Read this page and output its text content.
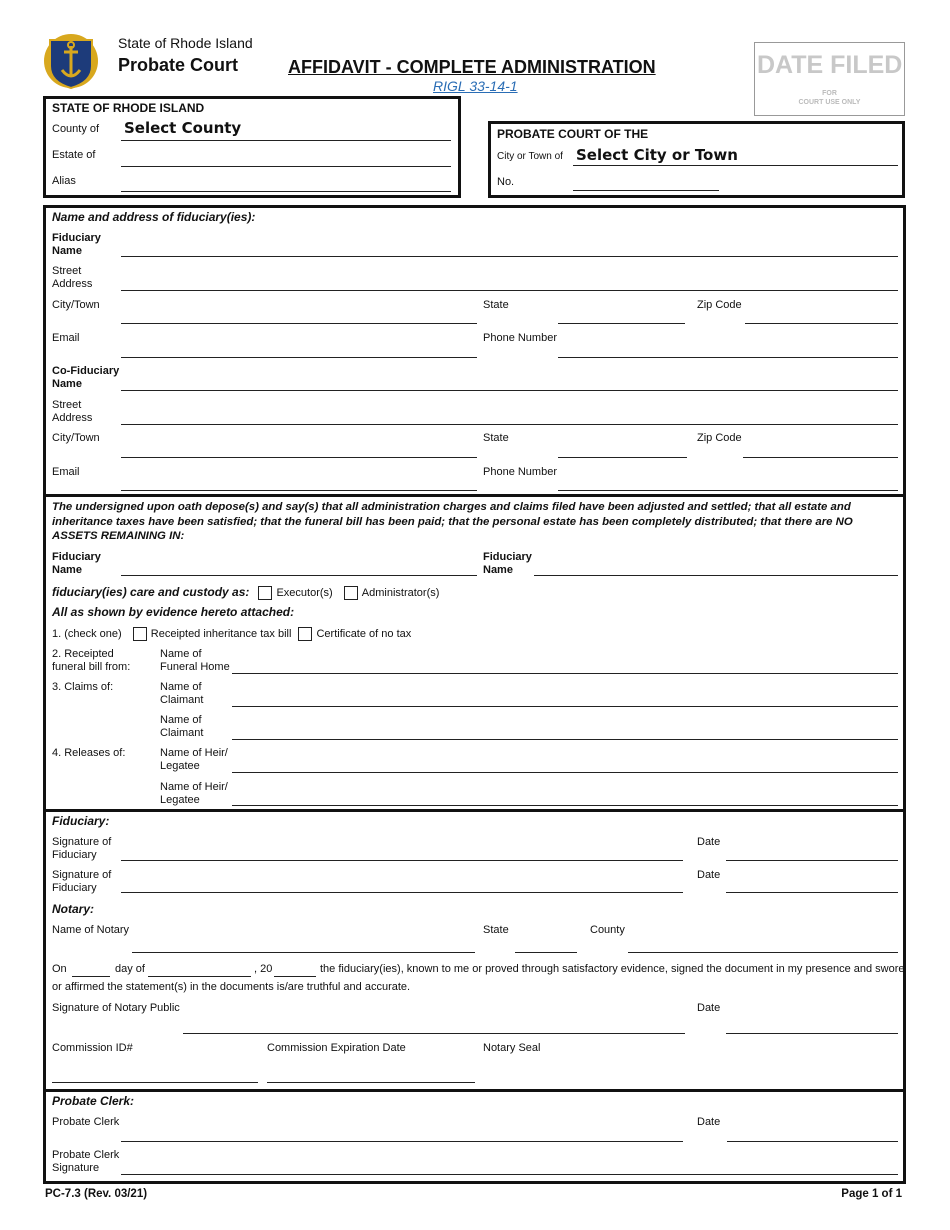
State of Rhode Island
Probate Court	AFFIDAVIT - COMPLETE ADMINISTRATION
RIGL 33-14-1
DATE FILED
FOR
COURT USE ONLY
STATE OF RHODE ISLAND
County of Select County
Estate of
Alias
PROBATE COURT OF THE
City or Town of Select City or Town
No.
Name and address of fiduciary(ies):
Fiduciary
Name
Street
Address
City/Town	State	Zip Code
Email	Phone Number
Co-Fiduciary
Name
Street
Address
City/Town	State	Zip Code
Email	Phone Number
The undersigned upon oath depose(s) and say(s) that all administration charges and claims filed have been adjusted and settled; that all estate and inheritance taxes have been satisfied; that the funeral bill has been paid; that the personal estate has been completely distributed; that there are NO ASSETS REMAINING IN:
Fiduciary
Name
Fiduciary
Name
fiduciary(ies) care and custody as: Executor(s)	Administrator(s)
All as shown by evidence hereto attached:
1. (check one)	Receipted inheritance tax bill Certificate of no tax
2. Receipted
funeral bill from:
Name of
Funeral Home
3. Claims of:	Name of
Claimant
Name of
Claimant
4. Releases of:	Name of Heir/
Legatee
Name of Heir/
Legatee
Fiduciary:
Signature of
Fiduciary
Date
Signature of
Fiduciary
Date
Notary:
Name of Notary	State	County
On	day of	, 20	the fiduciary(ies), known to me or proved through satisfactory evidence, signed the document in my presence and swore
or affirmed the statement(s) in the documents is/are truthful and accurate.
Signature of Notary Public	Date
Commission ID#	Commission Expiration Date	Notary Seal
Probate Clerk:
Probate Clerk	Date
Probate Clerk
Signature
PC-7.3 (Rev. 03/21)	Page 1 of 1
